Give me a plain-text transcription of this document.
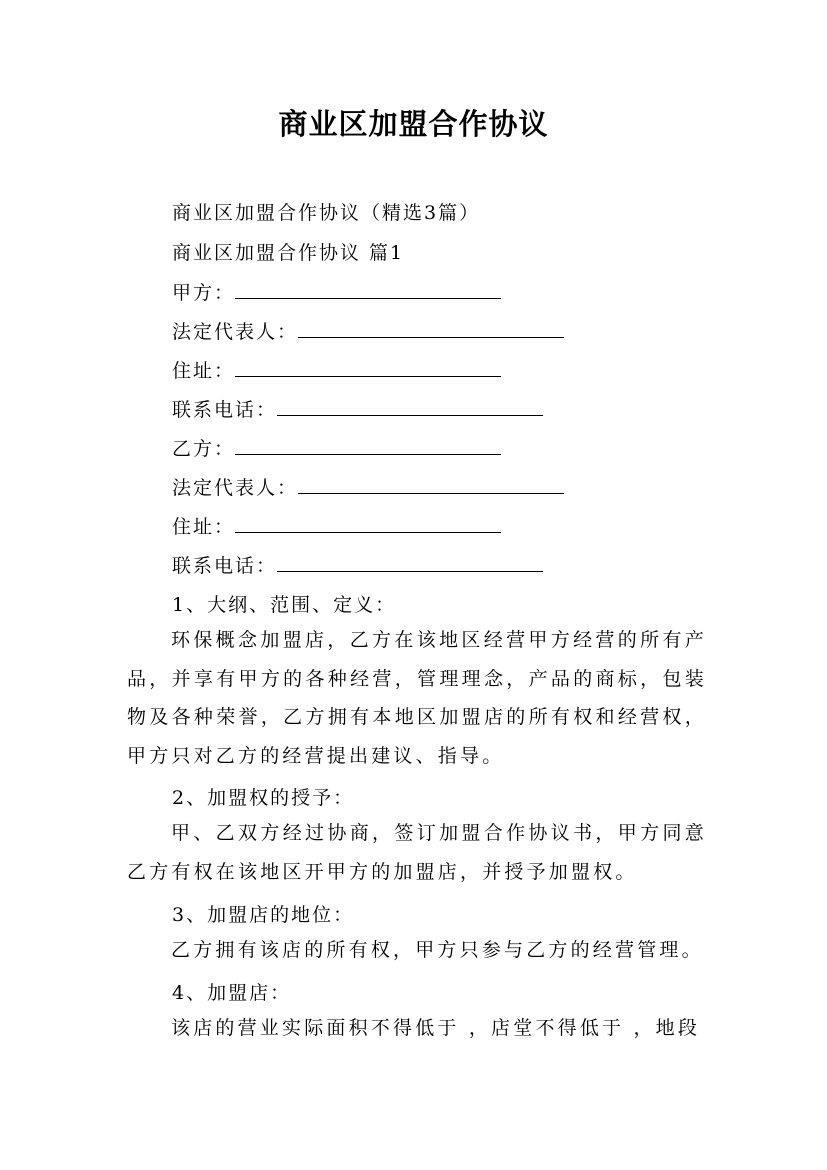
商业区加盟合作协议
商业区加盟合作协议（精选3篇）
商业区加盟合作协议 篇1
甲方：
法定代表人：
住址：
联系电话：
乙方：
法定代表人：
住址：
联系电话：
1、大纲、范围、定义：

环保概念加盟店，乙方在该地区经营甲方经营的所有产品，并享有甲方的各种经营，管理理念，产品的商标，包装物及各种荣誉，乙方拥有本地区加盟店的所有权和经营权，甲方只对乙方的经营提出建议、指导。

2、加盟权的授予：

甲、乙双方经过协商，签订加盟合作协议书，甲方同意乙方有权在该地区开甲方的加盟店，并授予加盟权。

3、加盟店的地位：

乙方拥有该店的所有权，甲方只参与乙方的经营管理。

4、加盟店：

该店的营业实际面积不得低于 ，店堂不得低于 ，地段
